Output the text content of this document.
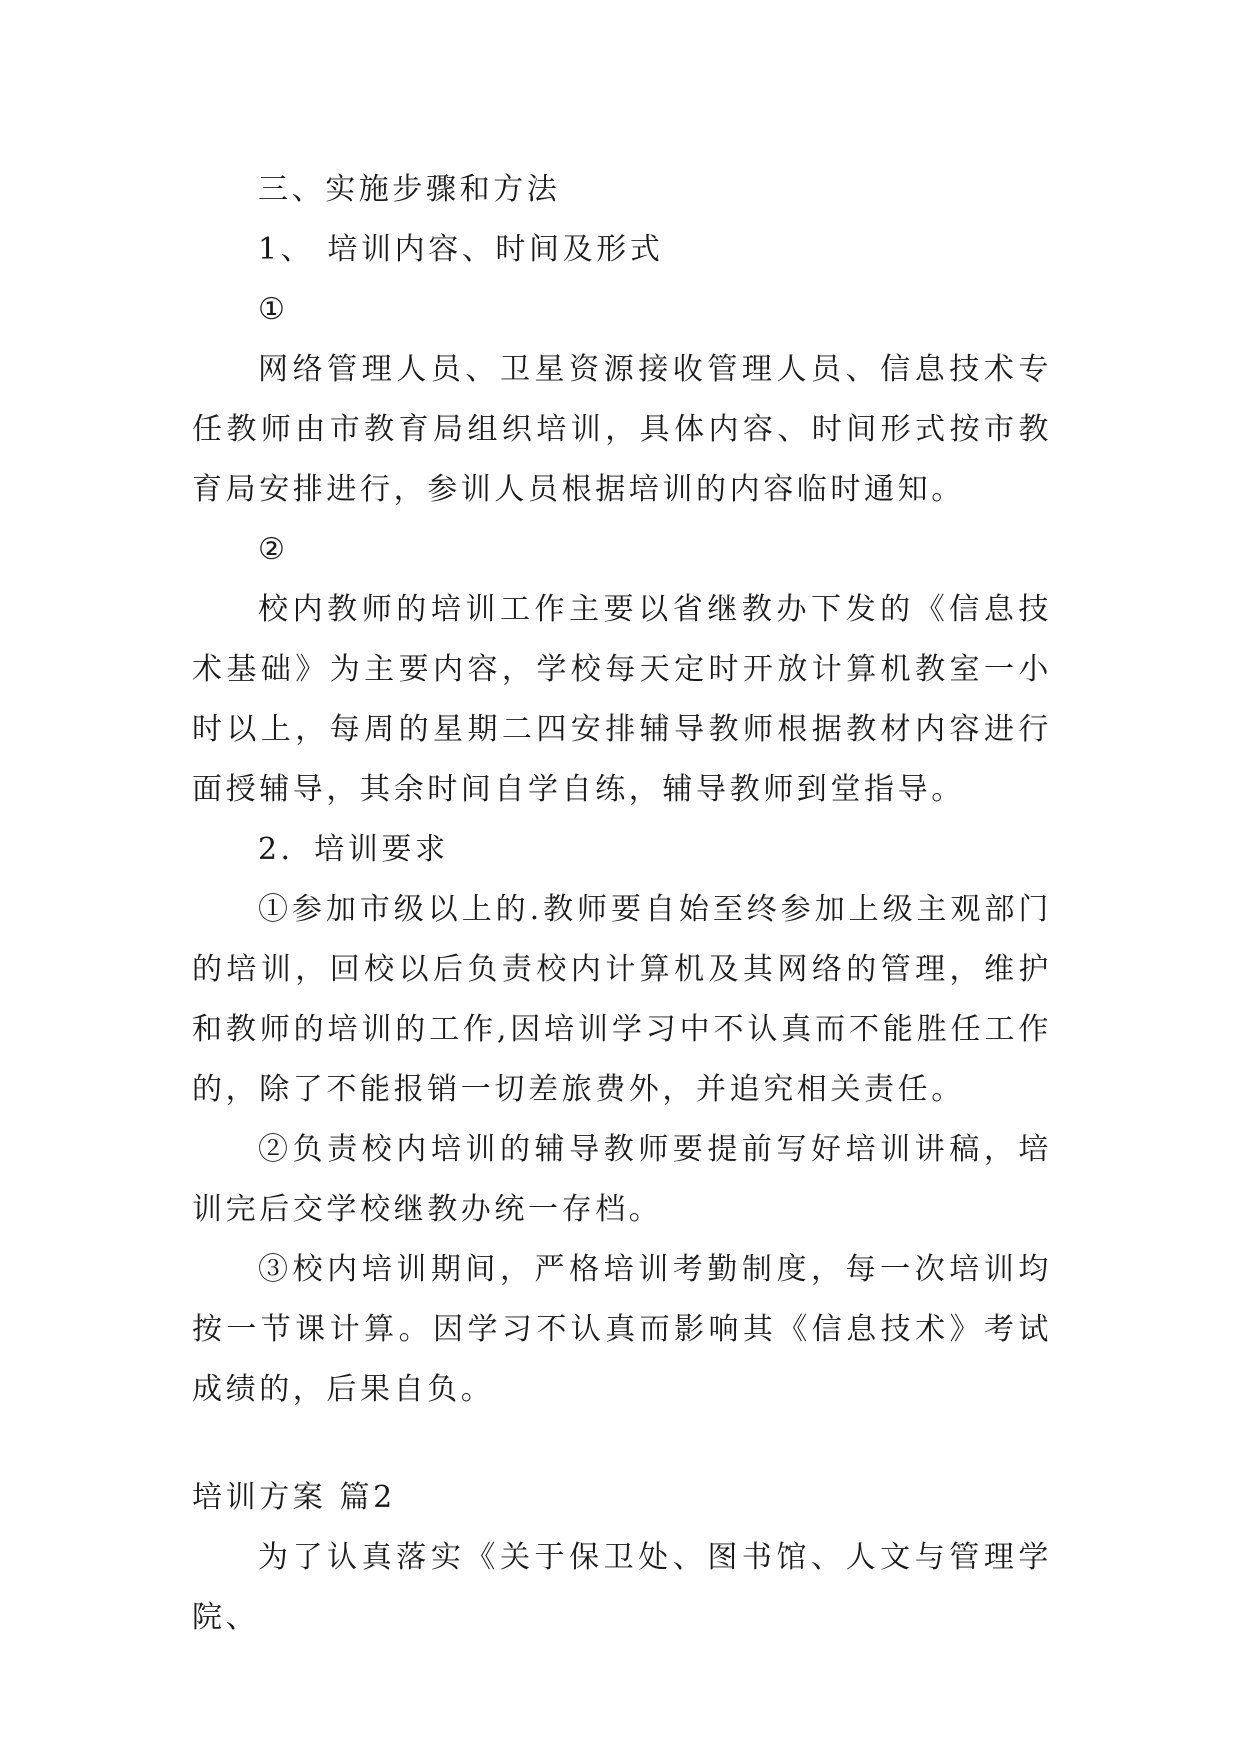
三、实施步骤和方法

1、 培训内容、时间及形式

①

网络管理人员、卫星资源接收管理人员、信息技术专任教师由市教育局组织培训，具体内容、时间形式按市教育局安排进行，参训人员根据培训的内容临时通知。

②

校内教师的培训工作主要以省继教办下发的《信息技术基础》为主要内容，学校每天定时开放计算机教室一小时以上，每周的星期二四安排辅导教师根据教材内容进行面授辅导，其余时间自学自练，辅导教师到堂指导。

2．培训要求

①参加市级以上的.教师要自始至终参加上级主观部门的培训，回校以后负责校内计算机及其网络的管理，维护和教师的培训的工作,因培训学习中不认真而不能胜任工作的，除了不能报销一切差旅费外，并追究相关责任。

②负责校内培训的辅导教师要提前写好培训讲稿，培训完后交学校继教办统一存档。

③校内培训期间，严格培训考勤制度，每一次培训均按一节课计算。因学习不认真而影响其《信息技术》考试成绩的，后果自负。

培训方案 篇2

为了认真落实《关于保卫处、图书馆、人文与管理学院、
